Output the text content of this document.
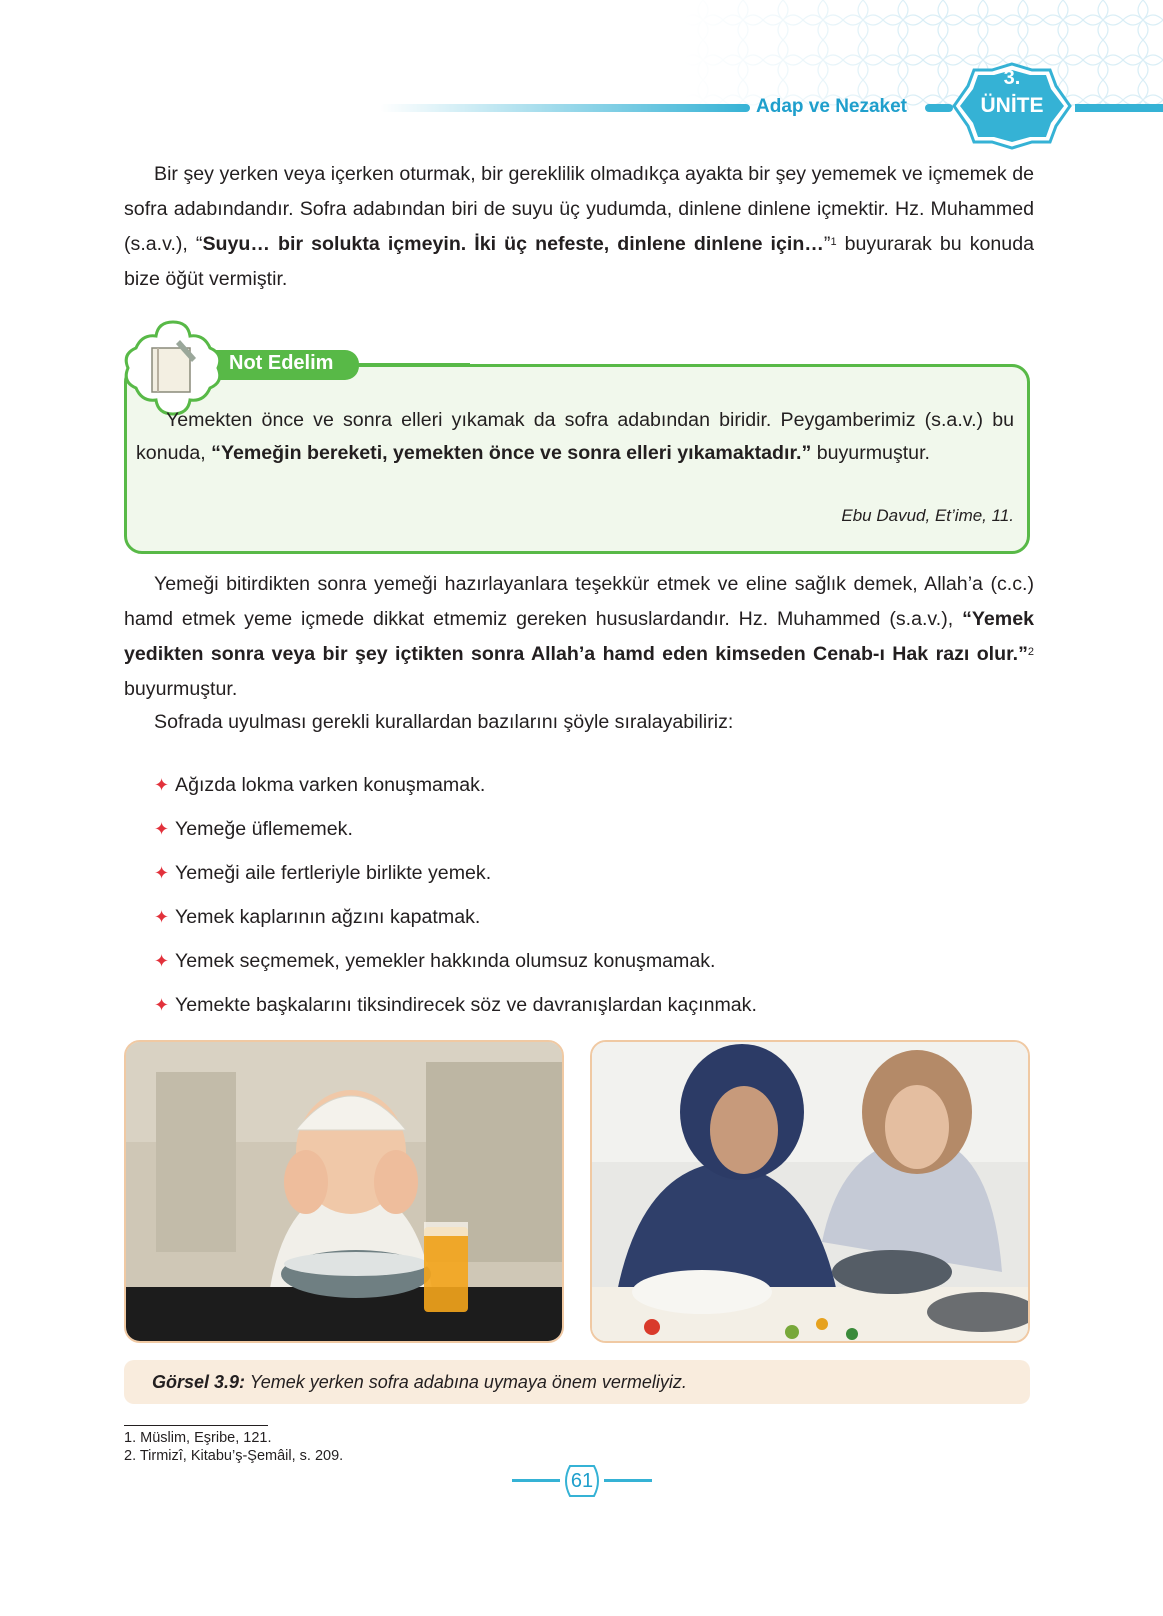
Adap ve Nezaket
3.
ÜNİTE

Bir şey yerken veya içerken oturmak, bir gereklilik olmadıkça ayakta bir şey yememek ve içmemek de sofra adabındandır. Sofra adabından biri de suyu üç yudumda, dinlene dinlene içmektir. Hz. Muhammed (s.a.v.), “Suyu… bir solukta içmeyin. İki üç nefeste, dinlene dinlene için…”$^1$ buyurarak bu konuda bize öğüt vermiştir.

Not Edelim

Yemekten önce ve sonra elleri yıkamak da sofra adabından biridir. Peygamberimiz (s.a.v.) bu konuda, “Yemeğin bereketi, yemekten önce ve sonra elleri yıkamaktadır.” buyurmuştur.

Ebu Davud, Et’ime, 11.

Yemeği bitirdikten sonra yemeği hazırlayanlara teşekkür etmek ve eline sağlık demek, Allah’a (c.c.) hamd etmek yeme içmede dikkat etmemiz gereken hususlardandır. Hz. Muhammed (s.a.v.), “Yemek yedikten sonra veya bir şey içtikten sonra Allah’a hamd eden kimseden Cenab-ı Hak razı olur.”$^2$ buyurmuştur.

Sofrada uyulması gerekli kurallardan bazılarını şöyle sıralayabiliriz:

✦ Ağızda lokma varken konuşmamak.
✦ Yemeğe üflememek.
✦ Yemeği aile fertleriyle birlikte yemek.
✦ Yemek kaplarının ağzını kapatmak.
✦ Yemek seçmemek, yemekler hakkında olumsuz konuşmamak.
✦ Yemekte başkalarını tiksindirecek söz ve davranışlardan kaçınmak.
Görsel 3.9: Yemek yerken sofra adabına uymaya önem vermeliyiz.
1. Müslim, Eşribe, 121.
2. Tirmizî, Kitabu’ş-Şemâil, s. 209.
61
